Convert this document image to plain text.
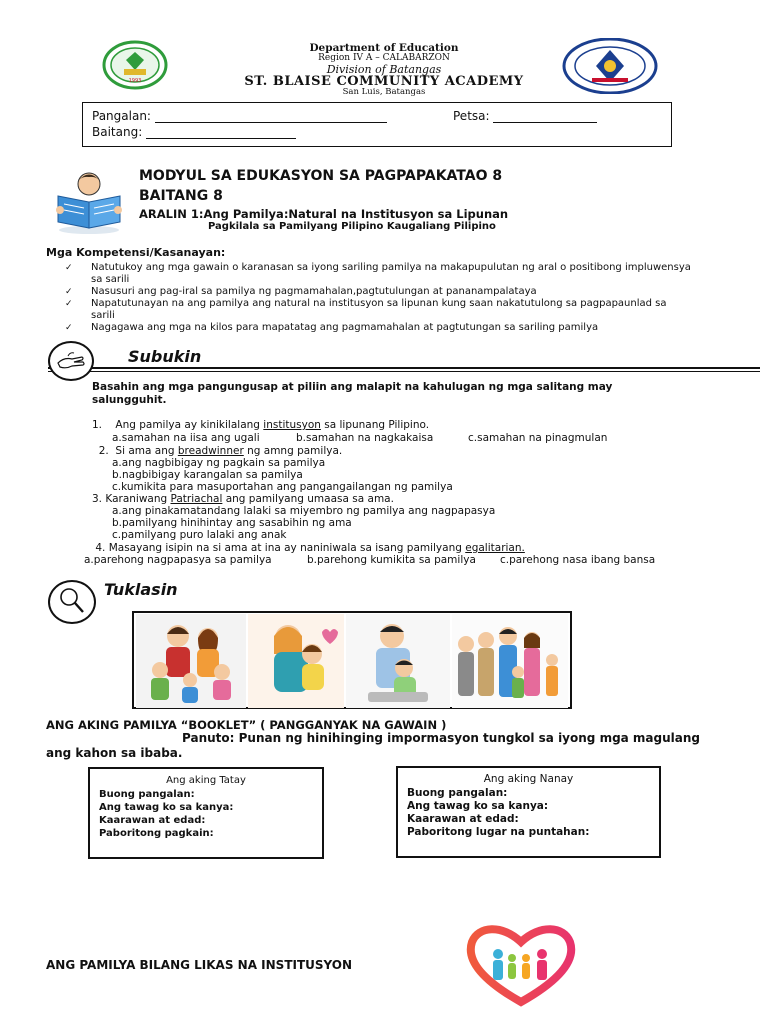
1993
Department of Education
Region IV A – CALABARZON
Division of Batangas
ST. BLAISE COMMUNITY ACADEMY
San Luis, Batangas
Pangalan:	Petsa:
Baitang:
MODYUL SA EDUKASYON SA PAGPAPAKATAO 8
BAITANG 8
ARALIN 1:Ang Pamilya:Natural na Institusyon sa Lipunan
Pagkilala sa Pamilyang Pilipino Kaugaliang Pilipino
Mga Kompetensi/Kasanayan:
✓ Natutukoy ang mga gawain o karanasan sa iyong sariling pamilya na makapupulutan ng aral o positibong impluwensya sa sarili
✓ Nasusuri ang pag-iral sa pamilya ng pagmamahalan,pagtutulungan at pananampalataya
✓ Napatutunayan na ang pamilya ang natural na institusyon sa lipunan kung saan nakatutulong sa pagpapaunlad sa sarili
✓ Nagagawa ang mga na kilos para mapatatag ang pagmamahalan at pagtutungan sa sariling pamilya
Subukin
Basahin ang mga pangungusap at piliin ang malapit na kahulugan ng mga salitang may salungguhit.
1. Ang pamilya ay kinikilalang institusyon sa lipunang Pilipino.
a.samahan na iisa ang ugali	b.samahan na nagkakaisa	c.samahan na pinagmulan
2. Si ama ang breadwinner ng amng pamilya.
a.ang nagbibigay ng pagkain sa pamilya
b.nagbibigay karangalan sa pamilya
c.kumikita para masuportahan ang pangangailangan ng pamilya
3. Karaniwang Patriachal ang pamilyang umaasa sa ama.
a.ang pinakamatandang lalaki sa miyembro ng pamilya ang nagpapasya
b.pamilyang hinihintay ang sasabihin ng ama
c.pamilyang puro lalaki ang anak
4. Masayang isipin na si ama at ina ay naniniwala sa isang pamilyang egalitarian.
a.parehong nagpapasya sa pamilya	b.parehong kumikita sa pamilya c.parehong nasa ibang bansa
Tuklasin
ANG AKING PAMILYA “BOOKLET” ( PANGGANYAK NA GAWAIN )
Panuto: Punan ng hinihinging impormasyon tungkol sa iyong mga magulang ang kahon sa ibaba.
Ang aking Tatay
Buong pangalan:
Ang tawag ko sa kanya:
Kaarawan at edad:
Paboritong pagkain:
Ang aking Nanay
Buong pangalan:
Ang tawag ko sa kanya:
Kaarawan at edad:
Paboritong lugar na puntahan:
ANG PAMILYA BILANG LIKAS NA INSTITUSYON
